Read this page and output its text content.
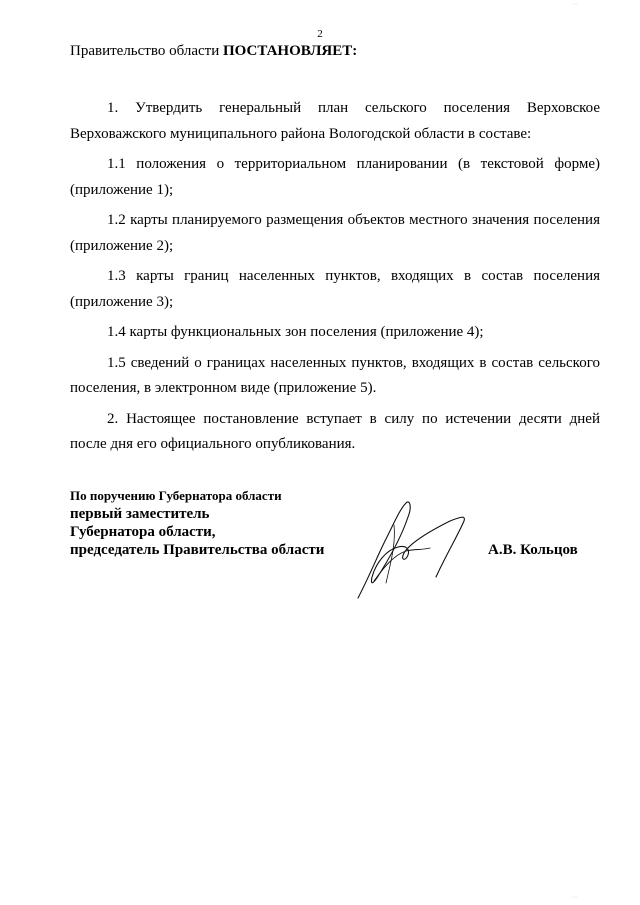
2
Правительство области ПОСТАНОВЛЯЕТ:

1. Утвердить генеральный план сельского поселения Верховское Верховажского муниципального района Вологодской области в составе:

1.1 положения о территориальном планировании (в текстовой форме) (приложение 1);

1.2 карты планируемого размещения объектов местного значения поселения (приложение 2);

1.3 карты границ населенных пунктов, входящих в состав поселения (приложение 3);

1.4 карты функциональных зон поселения (приложение 4);

1.5 сведений о границах населенных пунктов, входящих в состав сельского поселения, в электронном виде (приложение 5).

2. Настоящее постановление вступает в силу по истечении десяти дней после дня его официального опубликования.

По поручению Губернатора области
первый заместитель
Губернатора области,
председатель Правительства области	А.В. Кольцов
···
···
